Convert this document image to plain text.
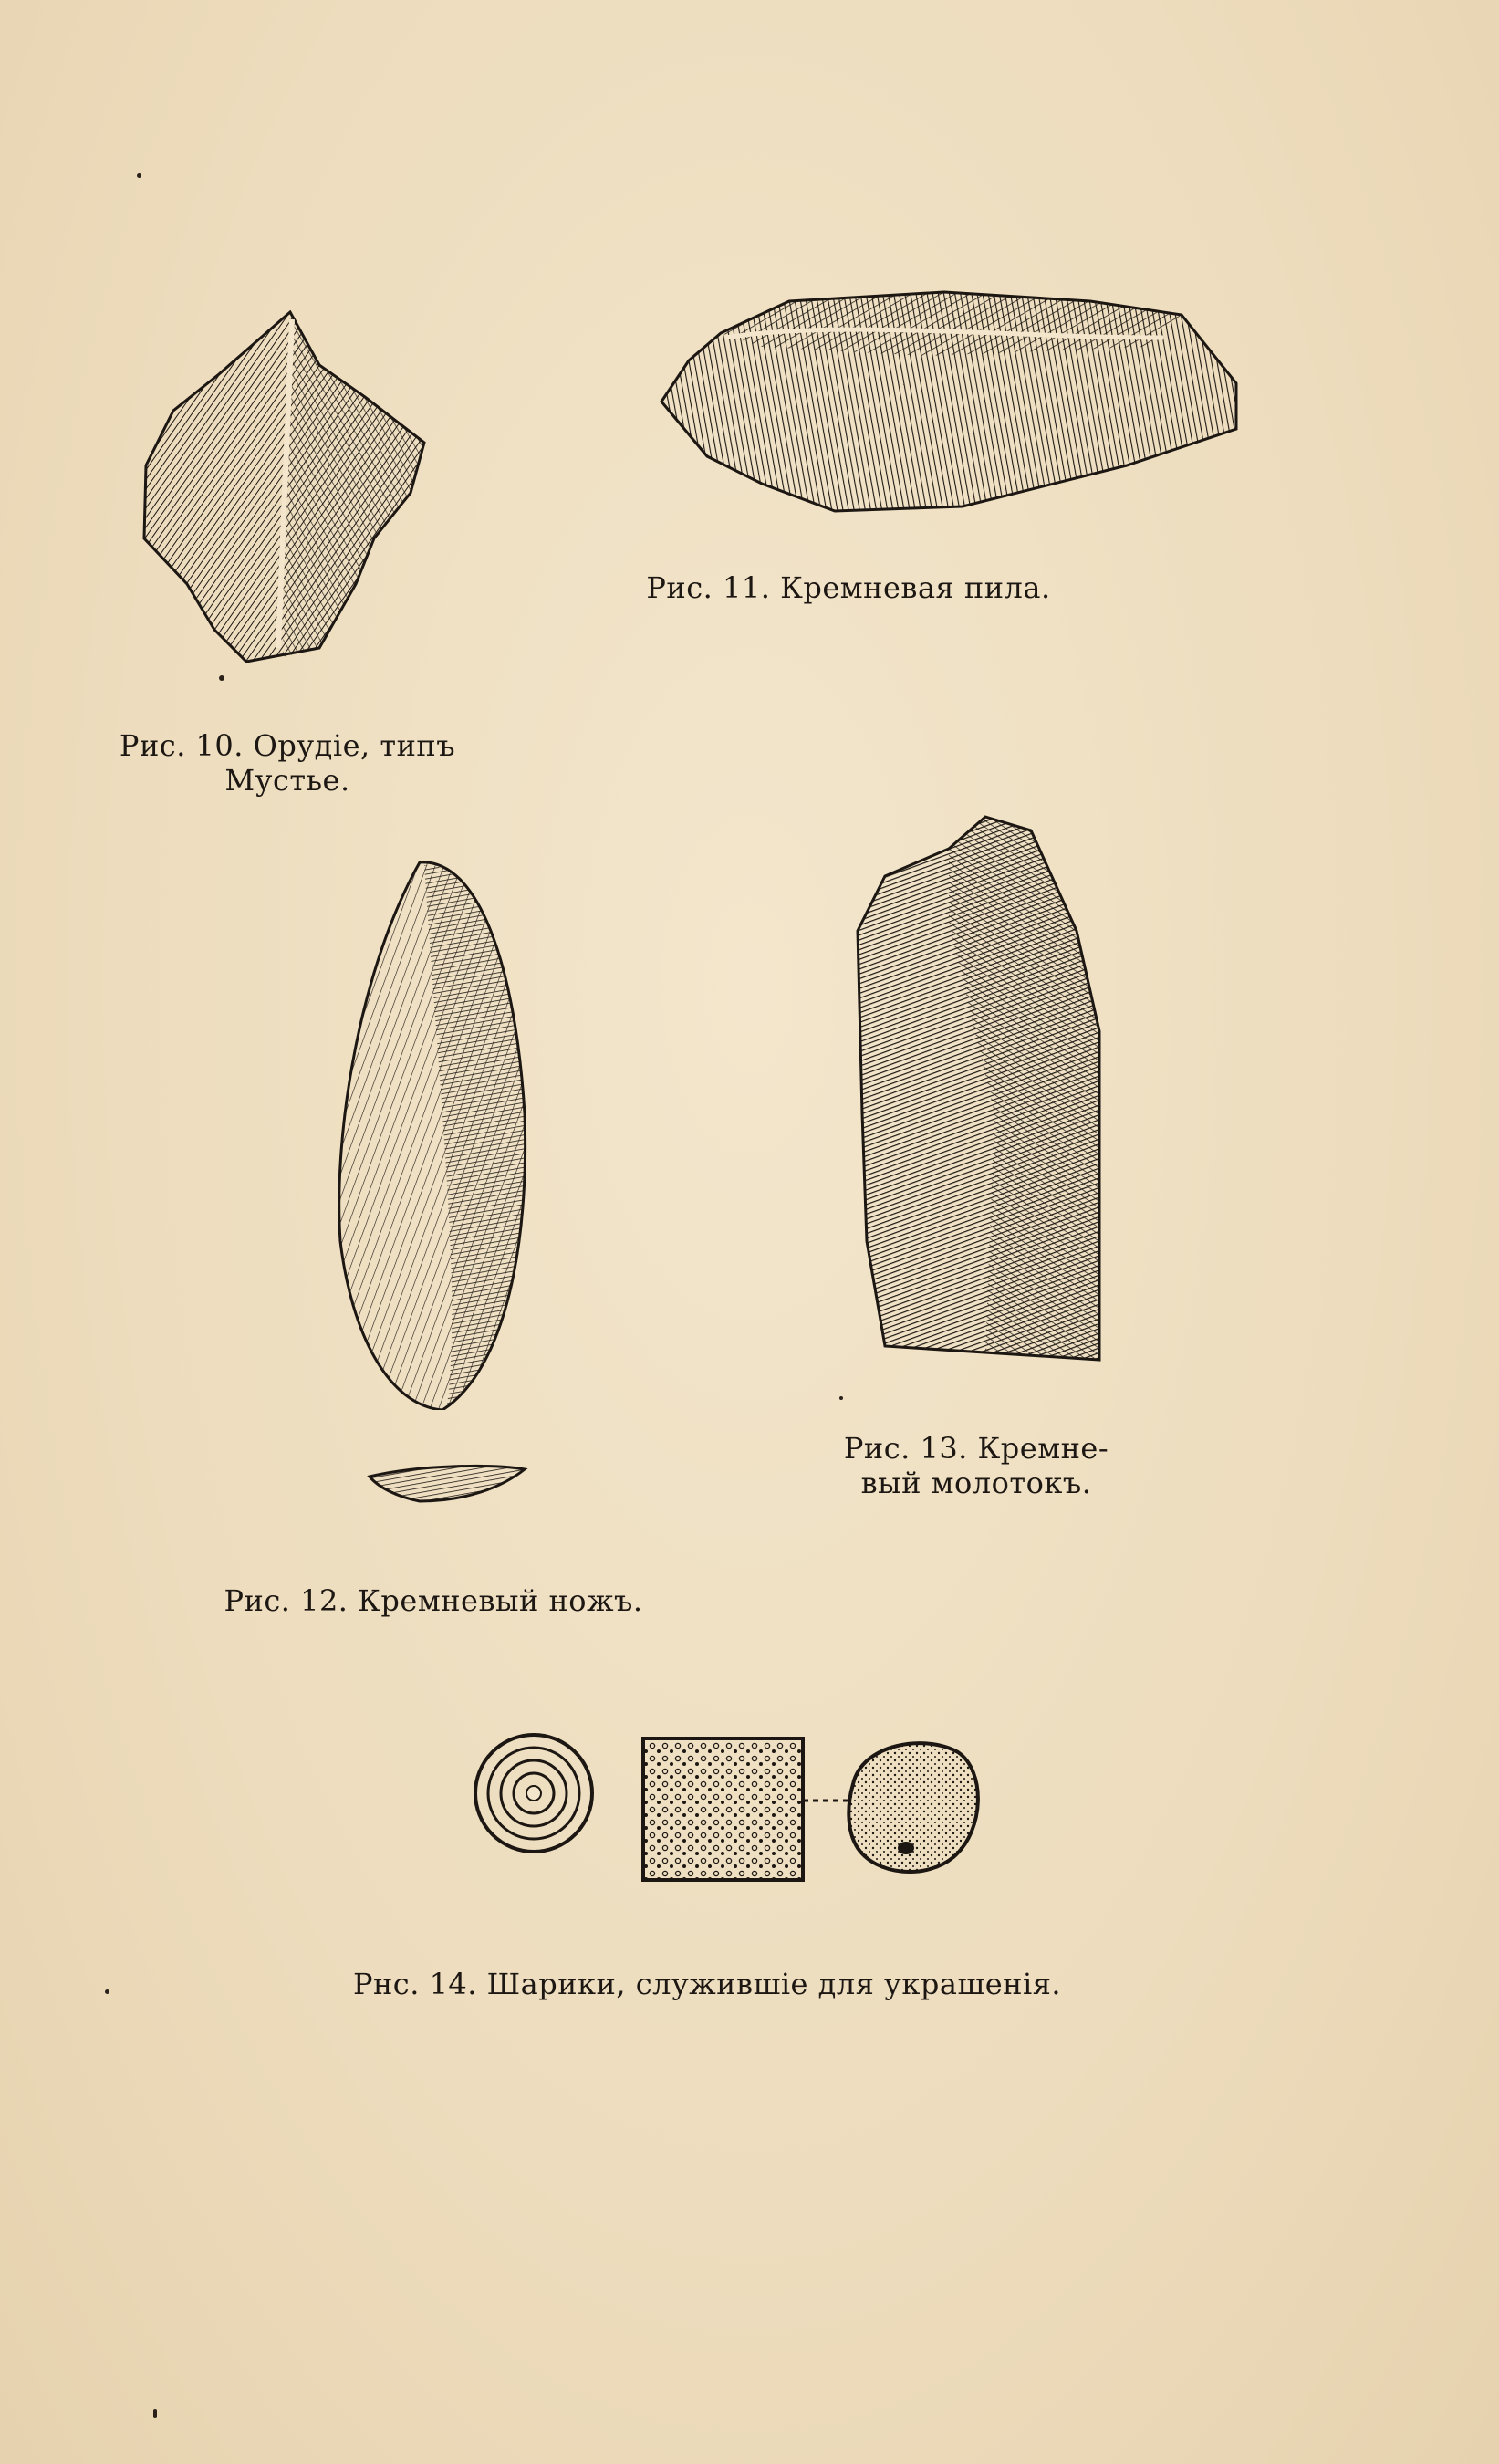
Рис. 10. Орудіе, типъ
Мустье.
Рис. 11. Кремневая пила.
Рис. 12. Кремневый ножъ.
Рис. 13. Кремне-
вый молотокъ.
Рнс. 14. Шарики, служившіе для украшенія.
